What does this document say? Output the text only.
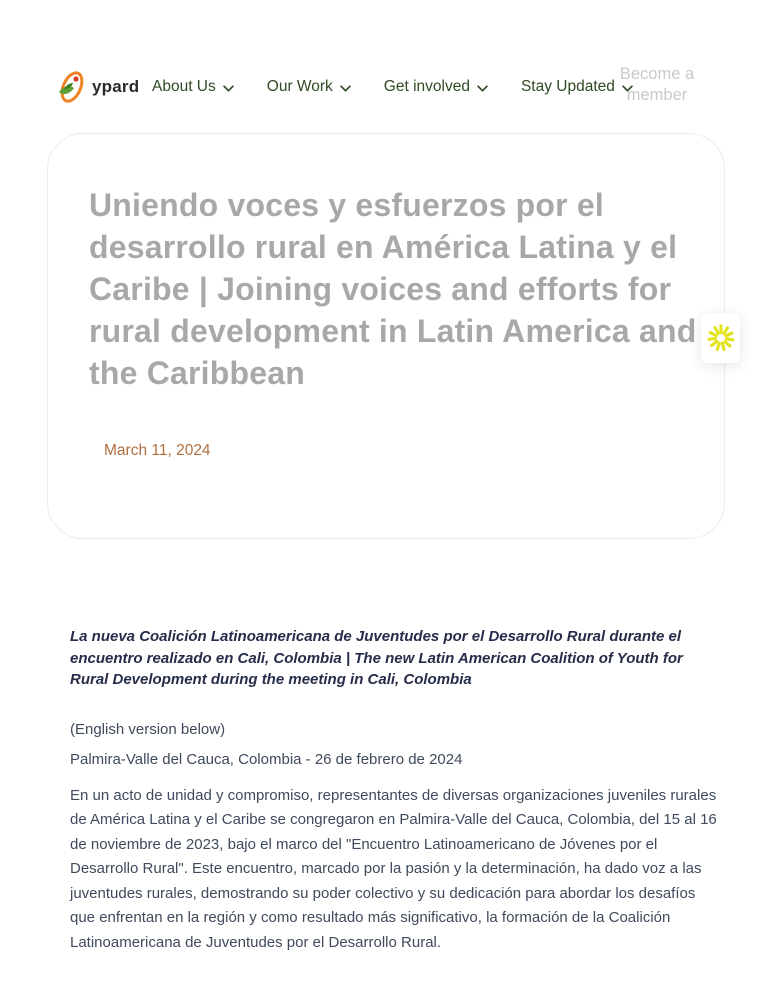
ypard About Us	Our Work	Get involved	Stay Updated
Become a member
Uniendo voces y esfuerzos por el desarrollo rural en América Latina y el Caribe | Joining voices and efforts for rural development in Latin America and the Caribbean
March 11, 2024

La nueva Coalición Latinoamericana de Juventudes por el Desarrollo Rural durante el encuentro realizado en Cali, Colombia | The new Latin American Coalition of Youth for Rural Development during the meeting in Cali, Colombia

(English version below)

Palmira-Valle del Cauca, Colombia - 26 de febrero de 2024

En un acto de unidad y compromiso, representantes de diversas organizaciones juveniles rurales de América Latina y el Caribe se congregaron en Palmira-Valle del Cauca, Colombia, del 15 al 16 de noviembre de 2023, bajo el marco del "Encuentro Latinoamericano de Jóvenes por el Desarrollo Rural". Este encuentro, marcado por la pasión y la determinación, ha dado voz a las juventudes rurales, demostrando su poder colectivo y su dedicación para abordar los desafíos que enfrentan en la región y como resultado más significativo, la formación de la Coalición Latinoamericana de Juventudes por el Desarrollo Rural.
